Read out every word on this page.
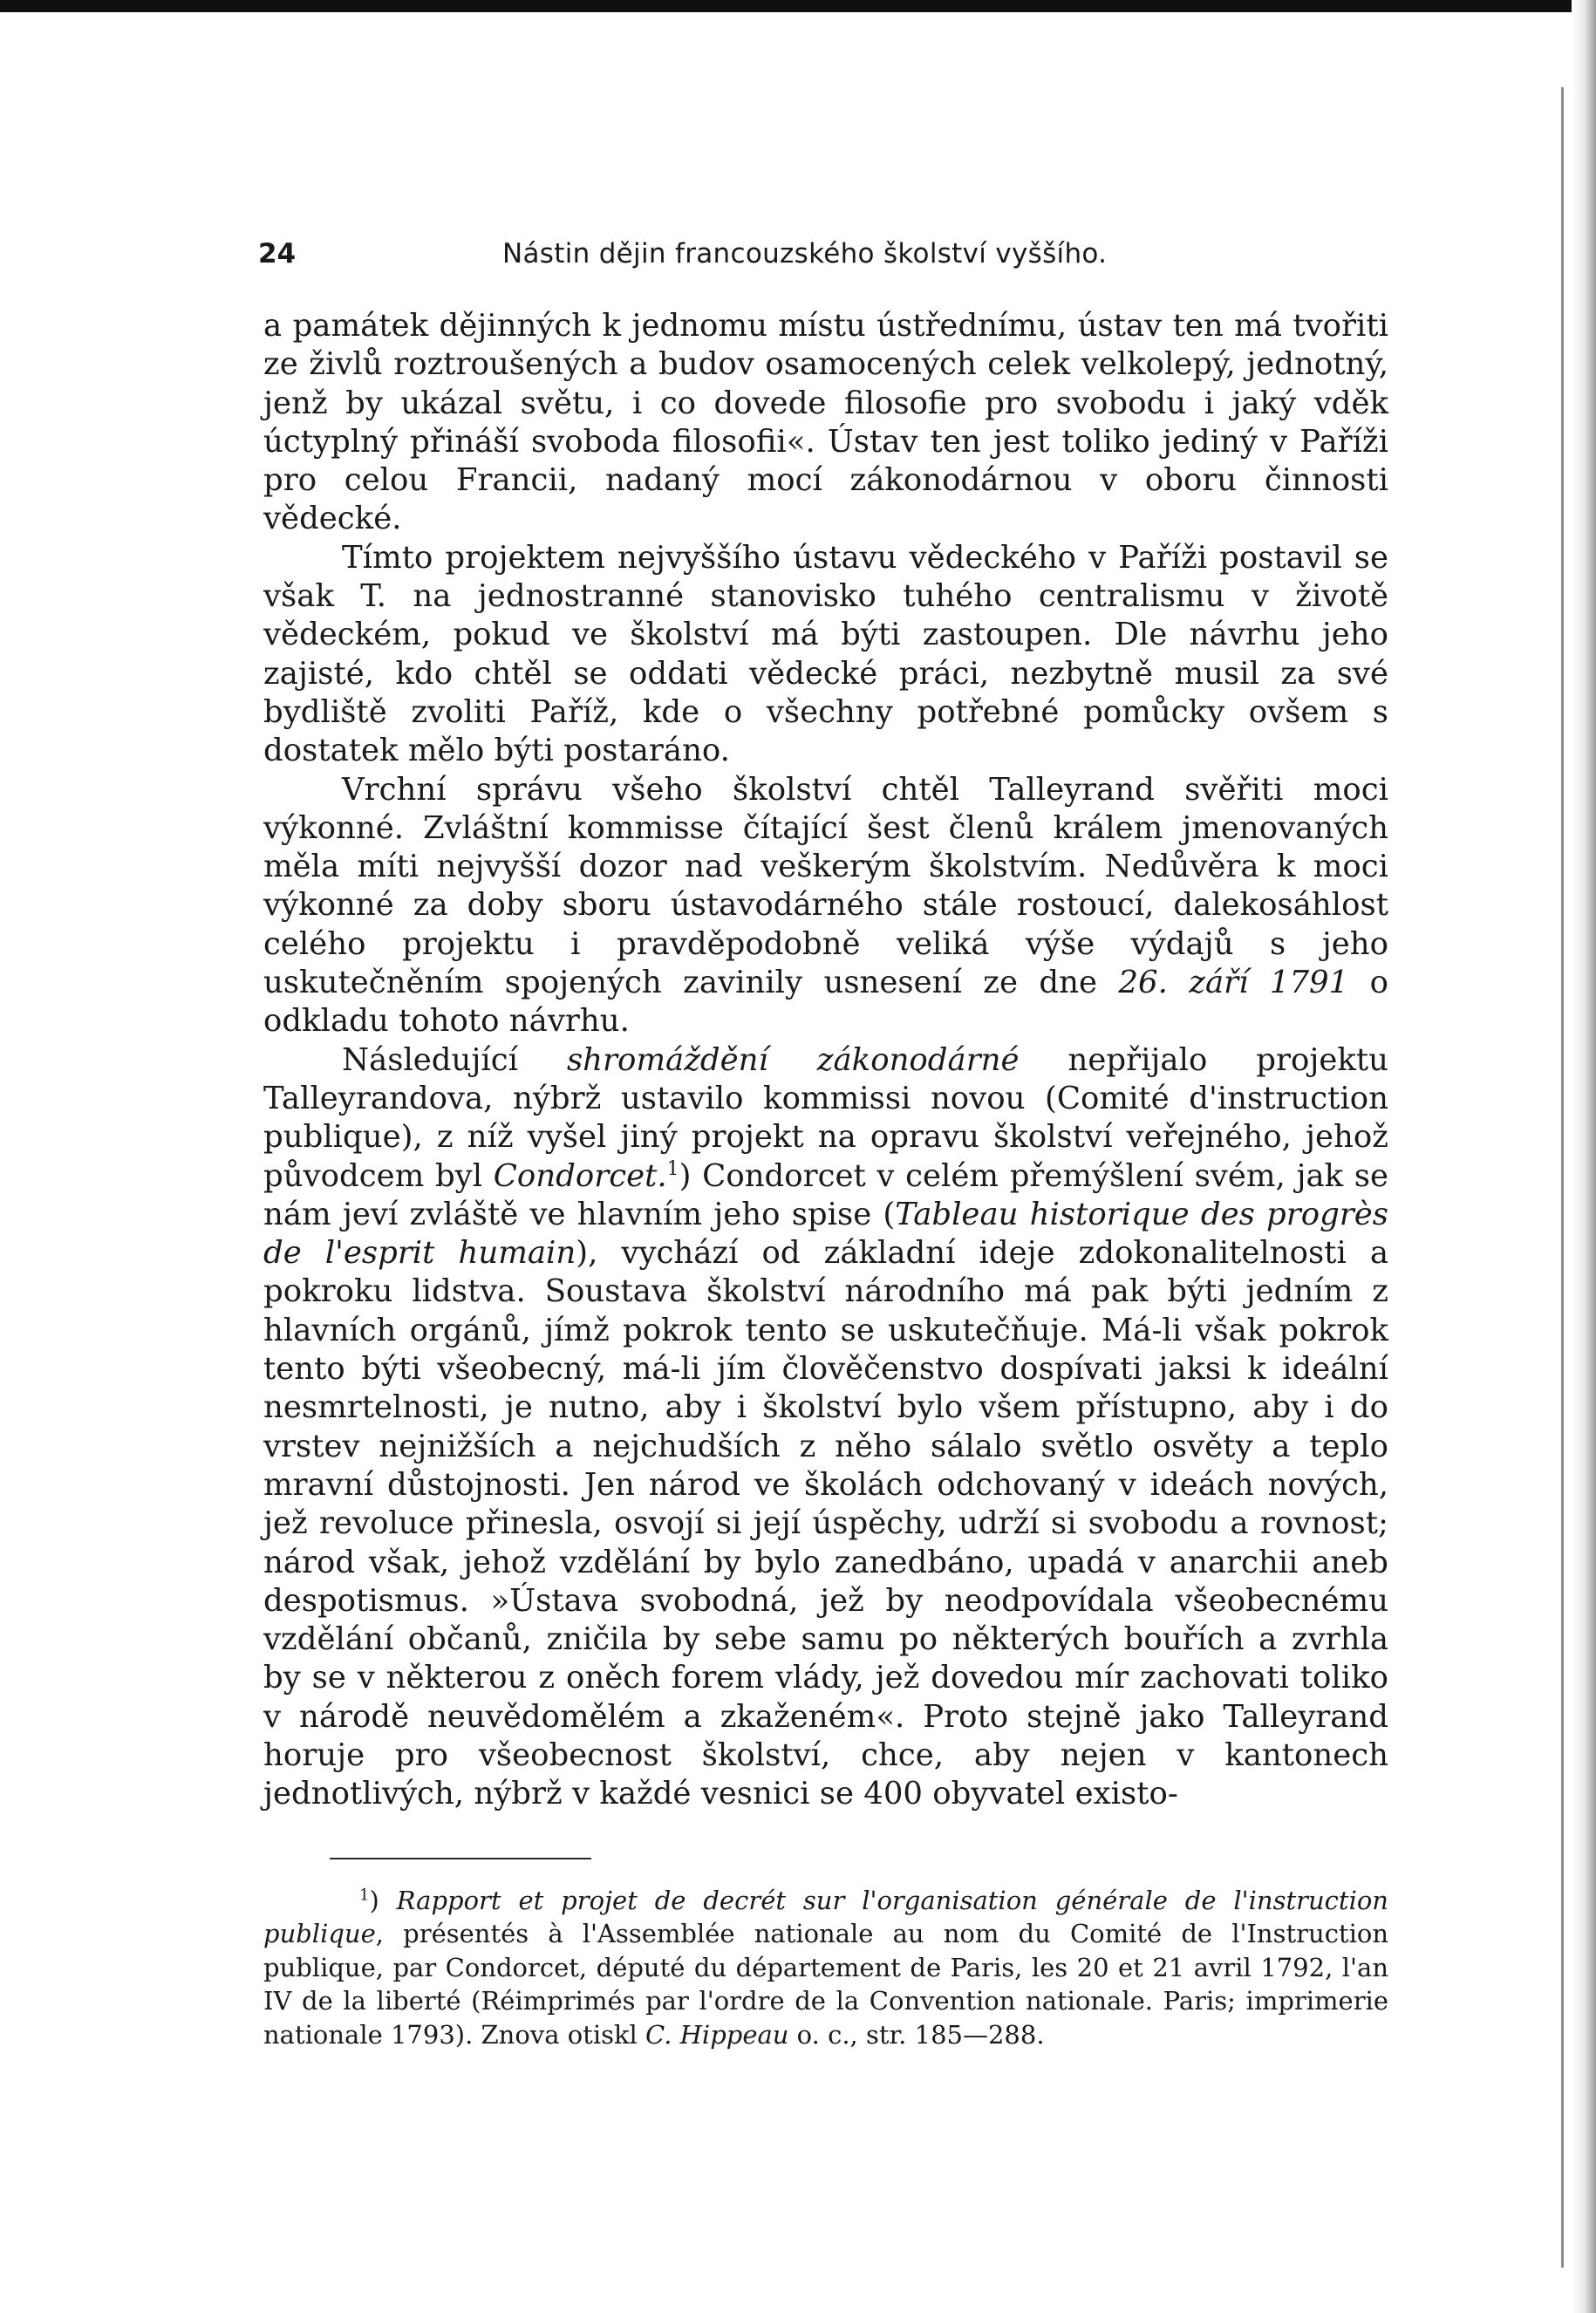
24	Nástin dějin francouzského školství vyššího.

a památek dějinných k jednomu místu ústřednímu, ústav ten má tvořiti ze živlů roztroušených a budov osamocených celek velkolepý, jednotný, jenž by ukázal světu, i co dovede filosofie pro svobodu i jaký vděk úctyplný přináší svoboda filosofii«. Ústav ten jest toliko jediný v Paříži pro celou Francii, nadaný mocí zákonodárnou v oboru činnosti vědecké.

Tímto projektem nejvyššího ústavu vědeckého v Paříži postavil se však T. na jednostranné stanovisko tuhého centralismu v životě vědeckém, pokud ve školství má býti zastoupen. Dle návrhu jeho zajisté, kdo chtěl se oddati vědecké práci, nezbytně musil za své bydliště zvoliti Paříž, kde o všechny potřebné pomůcky ovšem s dostatek mělo býti postaráno.

Vrchní správu všeho školství chtěl Talleyrand svěřiti moci výkonné. Zvláštní kommisse čítající šest členů králem jmenovaných měla míti nejvyšší dozor nad veškerým školstvím. Nedůvěra k moci výkonné za doby sboru ústavodárného stále rostoucí, dalekosáhlost celého projektu i pravděpodobně veliká výše výdajů s jeho uskutečněním spojených zavinily usnesení ze dne 26. září 1791 o odkladu tohoto návrhu.

Následující shromáždění zákonodárné nepřijalo projektu Talleyrandova, nýbrž ustavilo kommissi novou (Comité d'instruction publique), z níž vyšel jiný projekt na opravu školství veřejného, jehož původcem byl Condorcet.$^1$) Condorcet v celém přemýšlení svém, jak se nám jeví zvláště ve hlavním jeho spise (Tableau historique des progrès de l'esprit humain), vychází od základní ideje zdokonalitelnosti a pokroku lidstva. Soustava školství národního má pak býti jedním z hlavních orgánů, jímž pokrok tento se uskutečňuje. Má-li však pokrok tento býti všeobecný, má-li jím člověčenstvo dospívati jaksi k ideální nesmrtelnosti, je nutno, aby i školství bylo všem přístupno, aby i do vrstev nejnižších a nejchudších z něho sálalo světlo osvěty a teplo mravní důstojnosti. Jen národ ve školách odchovaný v ideách nových, jež revoluce přinesla, osvojí si její úspěchy, udrží si svobodu a rovnost; národ však, jehož vzdělání by bylo zanedbáno, upadá v anarchii aneb despotismus. »Ústava svobodná, jež by neodpovídala všeobecnému vzdělání občanů, zničila by sebe samu po některých bouřích a zvrhla by se v některou z oněch forem vlády, jež dovedou mír zachovati toliko v národě neuvědomělém a zkaženém«. Proto stejně jako Talleyrand horuje pro všeobecnost školství, chce, aby nejen v kantonech jednotlivých, nýbrž v každé vesnici se 400 obyvatel existo-

$^1$) Rapport et projet de decrét sur l'organisation générale de l'instruction publique, présentés à l'Assemblée nationale au nom du Comité de l'Instruction publique, par Condorcet, député du département de Paris, les 20 et 21 avril 1792, l'an IV de la liberté (Réimprimés par l'ordre de la Convention nationale. Paris; imprimerie nationale 1793). Znova otiskl C. Hippeau o. c., str. 185—288.
